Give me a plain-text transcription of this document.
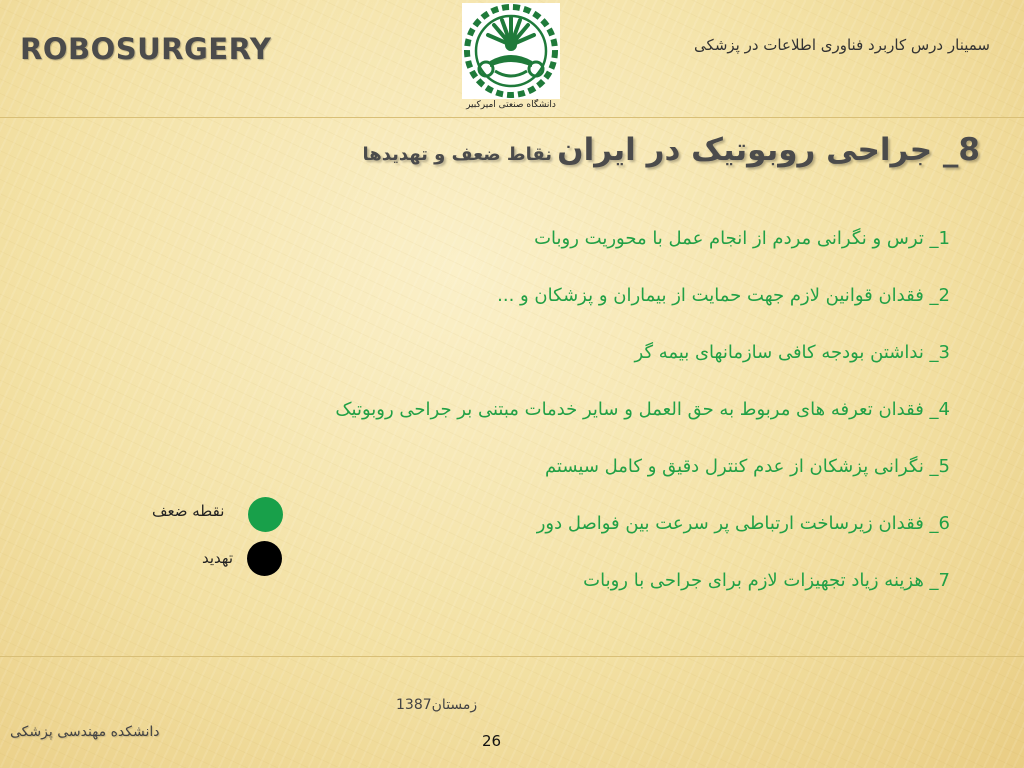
ROBOSURGERY	سمینار درس کاربرد فناوری اطلاعات در پزشکی
دانشگاه صنعتی امیرکبیر
8_ جراحی روبوتیک در ایران نقاط ضعف و تهدیدها
1_ ترس و نگرانی مردم از انجام عمل با محوریت روبات
2_ فقدان قوانین لازم جهت حمایت از بیماران و پزشکان و ...
3_ نداشتن بودجه کافی سازمانهای بیمه گر
4_ فقدان تعرفه های مربوط به حق العمل و سایر خدمات مبتنی بر جراحی روبوتیک
5_ نگرانی پزشکان از عدم کنترل دقیق و کامل سیستم
6_ فقدان زیرساخت ارتباطی پر سرعت بین فواصل دور
7_ هزینه زیاد تجهیزات لازم برای جراحی با روبات
نقطه ضعف
تهدید
زمستان1387
دانشکده مهندسی پزشکی	26
